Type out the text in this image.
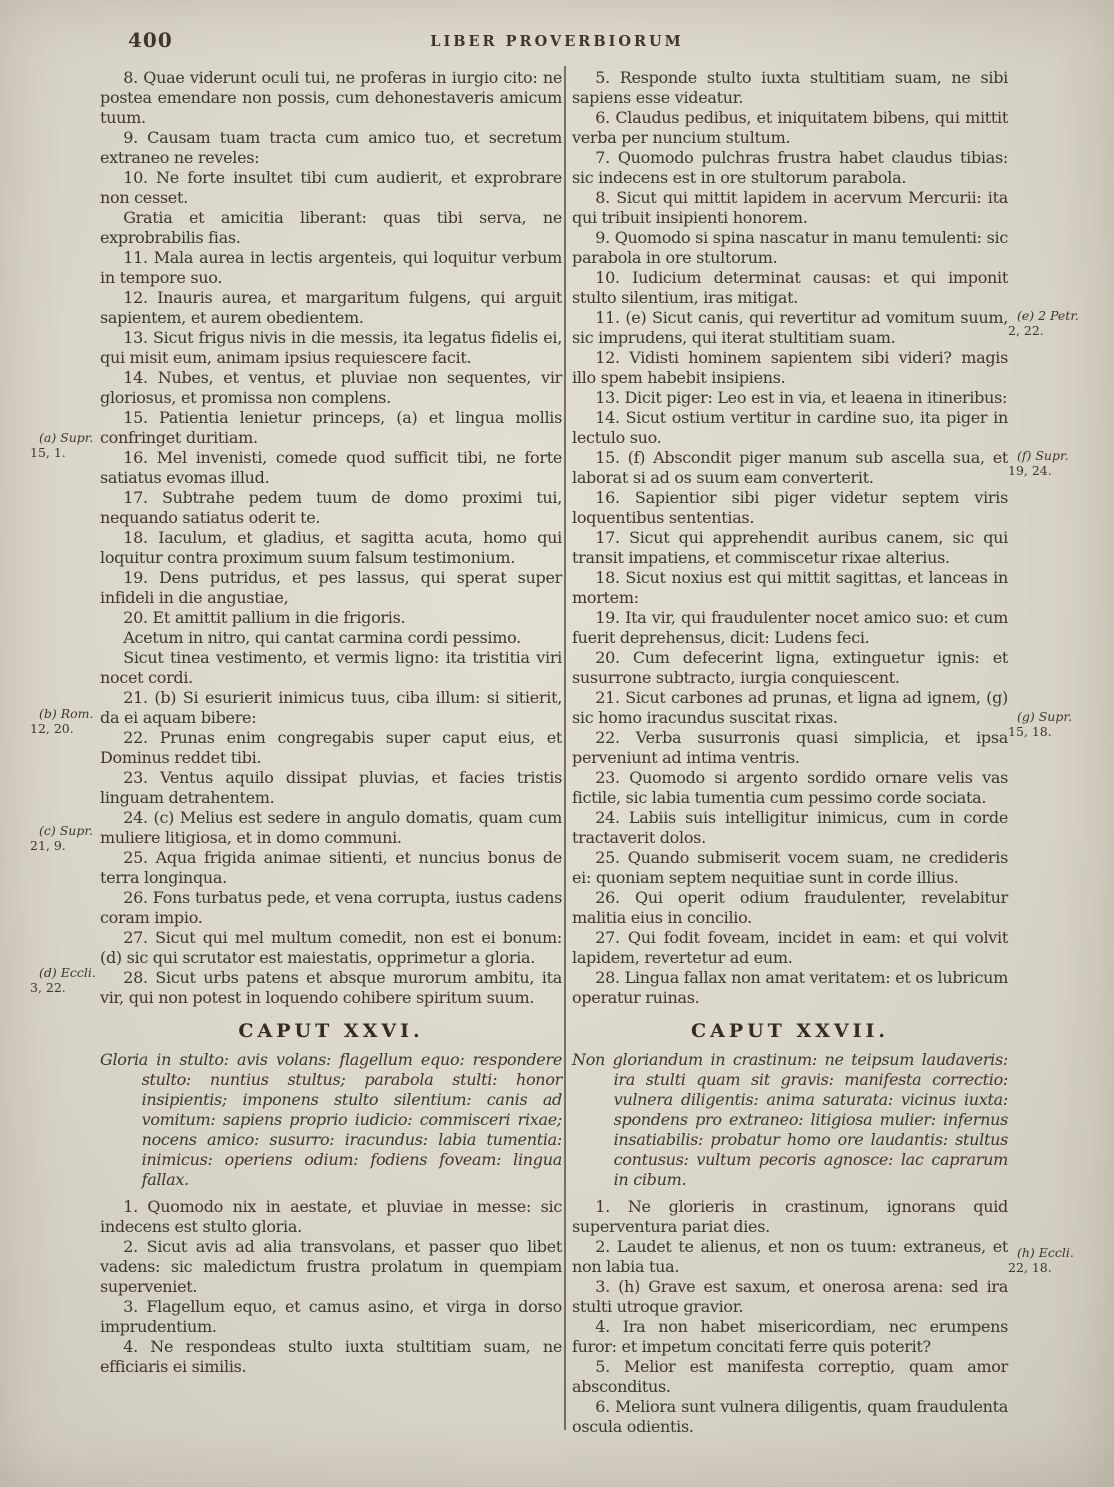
400	LIBER PROVERBIORUM

8. Quae viderunt oculi tui, ne proferas in iurgio cito: ne postea emendare non possis, cum dehonestaveris amicum tuum.

9. Causam tuam tracta cum amico tuo, et secretum extraneo ne reveles:

10. Ne forte insultet tibi cum audierit, et exprobrare non cesset.

Gratia et amicitia liberant: quas tibi serva, ne exprobrabilis fias.

11. Mala aurea in lectis argenteis, qui loquitur verbum in tempore suo.

12. Inauris aurea, et margaritum fulgens, qui arguit sapientem, et aurem obedientem.

13. Sicut frigus nivis in die messis, ita legatus fidelis ei, qui misit eum, animam ipsius requiescere facit.

14. Nubes, et ventus, et pluviae non sequentes, vir gloriosus, et promissa non complens.

15. Patientia lenietur princeps, (a) et lingua mollis confringet duritiam.

16. Mel invenisti, comede quod sufficit tibi, ne forte satiatus evomas illud.

17. Subtrahe pedem tuum de domo proximi tui, nequando satiatus oderit te.

18. Iaculum, et gladius, et sagitta acuta, homo qui loquitur contra proximum suum falsum testimonium.

19. Dens putridus, et pes lassus, qui sperat super infideli in die angustiae,

20. Et amittit pallium in die frigoris.

Acetum in nitro, qui cantat carmina cordi pessimo.

Sicut tinea vestimento, et vermis ligno: ita tristitia viri nocet cordi.

21. (b) Si esurierit inimicus tuus, ciba illum: si sitierit, da ei aquam bibere:

22. Prunas enim congregabis super caput eius, et Dominus reddet tibi.

23. Ventus aquilo dissipat pluvias, et facies tristis linguam detrahentem.

24. (c) Melius est sedere in angulo domatis, quam cum muliere litigiosa, et in domo communi.

25. Aqua frigida animae sitienti, et nuncius bonus de terra longinqua.

26. Fons turbatus pede, et vena corrupta, iustus cadens coram impio.

27. Sicut qui mel multum comedit, non est ei bonum: (d) sic qui scrutator est maiestatis, opprimetur a gloria.

28. Sicut urbs patens et absque murorum ambitu, ita vir, qui non potest in loquendo cohibere spiritum suum.

CAPUT XXVI.

Gloria in stulto: avis volans: flagellum equo: respondere stulto: nuntius stultus; parabola stulti: honor insipientis; imponens stulto silentium: canis ad vomitum: sapiens proprio iudicio: commisceri rixae; nocens amico: susurro: iracundus: labia tumentia: inimicus: operiens odium: fodiens foveam: lingua fallax.

1. Quomodo nix in aestate, et pluviae in messe: sic indecens est stulto gloria.

2. Sicut avis ad alia transvolans, et passer quo libet vadens: sic maledictum frustra prolatum in quempiam superveniet.

3. Flagellum equo, et camus asino, et virga in dorso imprudentium.

4. Ne respondeas stulto iuxta stultitiam suam, ne efficiaris ei similis.

5. Responde stulto iuxta stultitiam suam, ne sibi sapiens esse videatur.

6. Claudus pedibus, et iniquitatem bibens, qui mittit verba per nuncium stultum.

7. Quomodo pulchras frustra habet claudus tibias: sic indecens est in ore stultorum parabola.

8. Sicut qui mittit lapidem in acervum Mercurii: ita qui tribuit insipienti honorem.

9. Quomodo si spina nascatur in manu temulenti: sic parabola in ore stultorum.

10. Iudicium determinat causas: et qui imponit stulto silentium, iras mitigat.

11. (e) Sicut canis, qui revertitur ad vomitum suum, sic imprudens, qui iterat stultitiam suam.

12. Vidisti hominem sapientem sibi videri? magis illo spem habebit insipiens.

13. Dicit piger: Leo est in via, et leaena in itineribus:

14. Sicut ostium vertitur in cardine suo, ita piger in lectulo suo.

15. (f) Abscondit piger manum sub ascella sua, et laborat si ad os suum eam converterit.

16. Sapientior sibi piger videtur septem viris loquentibus sententias.

17. Sicut qui apprehendit auribus canem, sic qui transit impatiens, et commiscetur rixae alterius.

18. Sicut noxius est qui mittit sagittas, et lanceas in mortem:

19. Ita vir, qui fraudulenter nocet amico suo: et cum fuerit deprehensus, dicit: Ludens feci.

20. Cum defecerint ligna, extinguetur ignis: et susurrone subtracto, iurgia conquiescent.

21. Sicut carbones ad prunas, et ligna ad ignem, (g) sic homo iracundus suscitat rixas.

22. Verba susurronis quasi simplicia, et ipsa perveniunt ad intima ventris.

23. Quomodo si argento sordido ornare velis vas fictile, sic labia tumentia cum pessimo corde sociata.

24. Labiis suis intelligitur inimicus, cum in corde tractaverit dolos.

25. Quando submiserit vocem suam, ne credideris ei: quoniam septem nequitiae sunt in corde illius.

26. Qui operit odium fraudulenter, revelabitur malitia eius in concilio.

27. Qui fodit foveam, incidet in eam: et qui volvit lapidem, revertetur ad eum.

28. Lingua fallax non amat veritatem: et os lubricum operatur ruinas.

CAPUT XXVII.

Non gloriandum in crastinum: ne teipsum laudaveris: ira stulti quam sit gravis: manifesta correctio: vulnera diligentis: anima saturata: vicinus iuxta: spondens pro extraneo: litigiosa mulier: infernus insatiabilis: probatur homo ore laudantis: stultus contusus: vultum pecoris agnosce: lac caprarum in cibum.

1. Ne glorieris in crastinum, ignorans quid superventura pariat dies.

2. Laudet te alienus, et non os tuum: extraneus, et non labia tua.

3. (h) Grave est saxum, et onerosa arena: sed ira stulti utroque gravior.

4. Ira non habet misericordiam, nec erumpens furor: et impetum concitati ferre quis poterit?

5. Melior est manifesta correptio, quam amor absconditus.

6. Meliora sunt vulnera diligentis, quam fraudulenta oscula odientis.

(a) Supr.
15, 1.
(b) Rom.
12, 20.
(c) Supr.
21, 9.
(d) Eccli.
3, 22.
(e) 2 Petr.
2, 22.
(f) Supr.
19, 24.
(g) Supr.
15, 18.
(h) Eccli.
22, 18.
